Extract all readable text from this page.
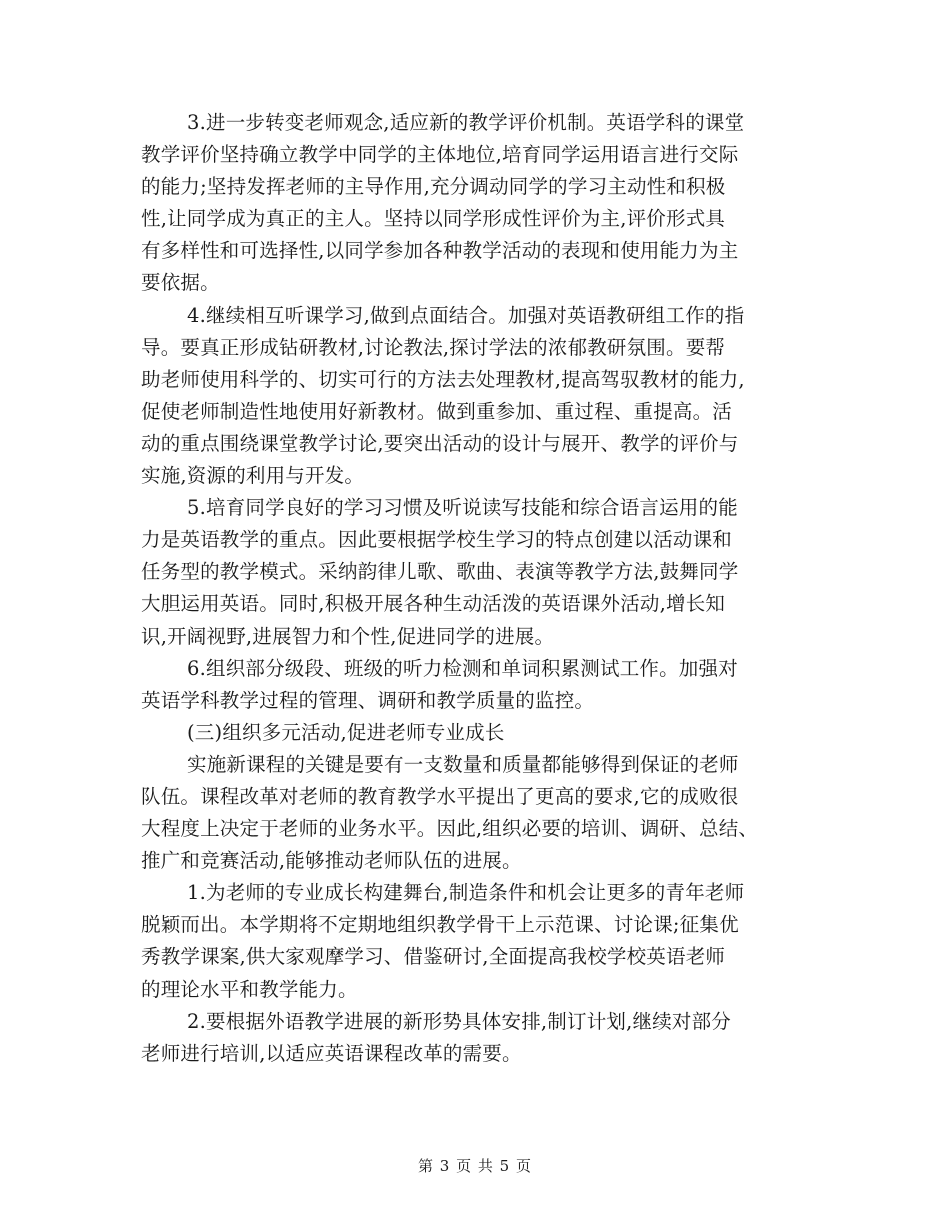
3.进一步转变老师观念,适应新的教学评价机制。英语学科的课堂
教学评价坚持确立教学中同学的主体地位,培育同学运用语言进行交际
的能力;坚持发挥老师的主导作用,充分调动同学的学习主动性和积极
性,让同学成为真正的主人。坚持以同学形成性评价为主,评价形式具
有多样性和可选择性,以同学参加各种教学活动的表现和使用能力为主
要依据。

4.继续相互听课学习,做到点面结合。加强对英语教研组工作的指
导。要真正形成钻研教材,讨论教法,探讨学法的浓郁教研氛围。要帮
助老师使用科学的、切实可行的方法去处理教材,提高驾驭教材的能力,
促使老师制造性地使用好新教材。做到重参加、重过程、重提高。活
动的重点围绕课堂教学讨论,要突出活动的设计与展开、教学的评价与
实施,资源的利用与开发。

5.培育同学良好的学习习惯及听说读写技能和综合语言运用的能
力是英语教学的重点。因此要根据学校生学习的特点创建以活动课和
任务型的教学模式。采纳韵律儿歌、歌曲、表演等教学方法,鼓舞同学
大胆运用英语。同时,积极开展各种生动活泼的英语课外活动,增长知
识,开阔视野,进展智力和个性,促进同学的进展。

6.组织部分级段、班级的听力检测和单词积累测试工作。加强对
英语学科教学过程的管理、调研和教学质量的监控。

(三)组织多元活动,促进老师专业成长

实施新课程的关键是要有一支数量和质量都能够得到保证的老师
队伍。课程改革对老师的教育教学水平提出了更高的要求,它的成败很
大程度上决定于老师的业务水平。因此,组织必要的培训、调研、总结、
推广和竞赛活动,能够推动老师队伍的进展。

1.为老师的专业成长构建舞台,制造条件和机会让更多的青年老师
脱颖而出。本学期将不定期地组织教学骨干上示范课、讨论课;征集优
秀教学课案,供大家观摩学习、借鉴研讨,全面提高我校学校英语老师
的理论水平和教学能力。

2.要根据外语教学进展的新形势具体安排,制订计划,继续对部分
老师进行培训,以适应英语课程改革的需要。

第 3 页 共 5 页
